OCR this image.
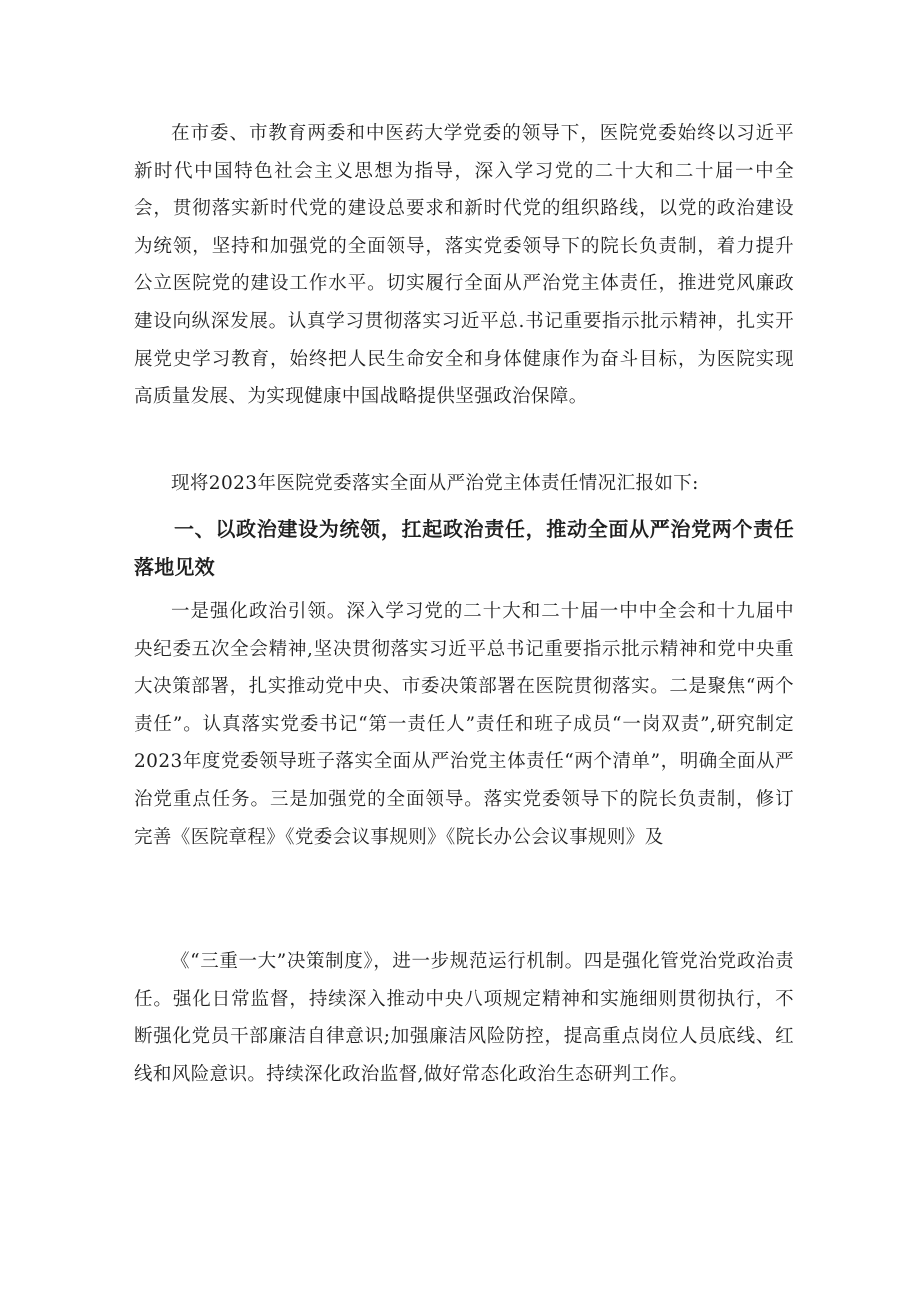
在市委、市教育两委和中医药大学党委的领导下，医院党委始终以习近平新时代中国特色社会主义思想为指导，深入学习党的二十大和二十届一中全会，贯彻落实新时代党的建设总要求和新时代党的组织路线，以党的政治建设为统领，坚持和加强党的全面领导，落实党委领导下的院长负责制，着力提升公立医院党的建设工作水平。切实履行全面从严治党主体责任，推进党风廉政建设向纵深发展。认真学习贯彻落实习近平总.书记重要指示批示精神，扎实开展党史学习教育，始终把人民生命安全和身体健康作为奋斗目标，为医院实现高质量发展、为实现健康中国战略提供坚强政治保障。

现将2023年医院党委落实全面从严治党主体责任情况汇报如下:

一、以政治建设为统领，扛起政治责任，推动全面从严治党两个责任落地见效

一是强化政治引领。深入学习党的二十大和二十届一中中全会和十九届中央纪委五次全会精神,坚决贯彻落实习近平总书记重要指示批示精神和党中央重大决策部署，扎实推动党中央、市委决策部署在医院贯彻落实。二是聚焦“两个责任”。认真落实党委书记“第一责任人”责任和班子成员“一岗双责”,研究制定2023年度党委领导班子落实全面从严治党主体责任“两个清单”，明确全面从严治党重点任务。三是加强党的全面领导。落实党委领导下的院长负责制，修订完善《医院章程》《党委会议事规则》《院长办公会议事规则》及

《“三重一大”决策制度》，进一步规范运行机制。四是强化管党治党政治责任。强化日常监督，持续深入推动中央八项规定精神和实施细则贯彻执行，不断强化党员干部廉洁自律意识;加强廉洁风险防控，提高重点岗位人员底线、红线和风险意识。持续深化政治监督,做好常态化政治生态研判工作。
